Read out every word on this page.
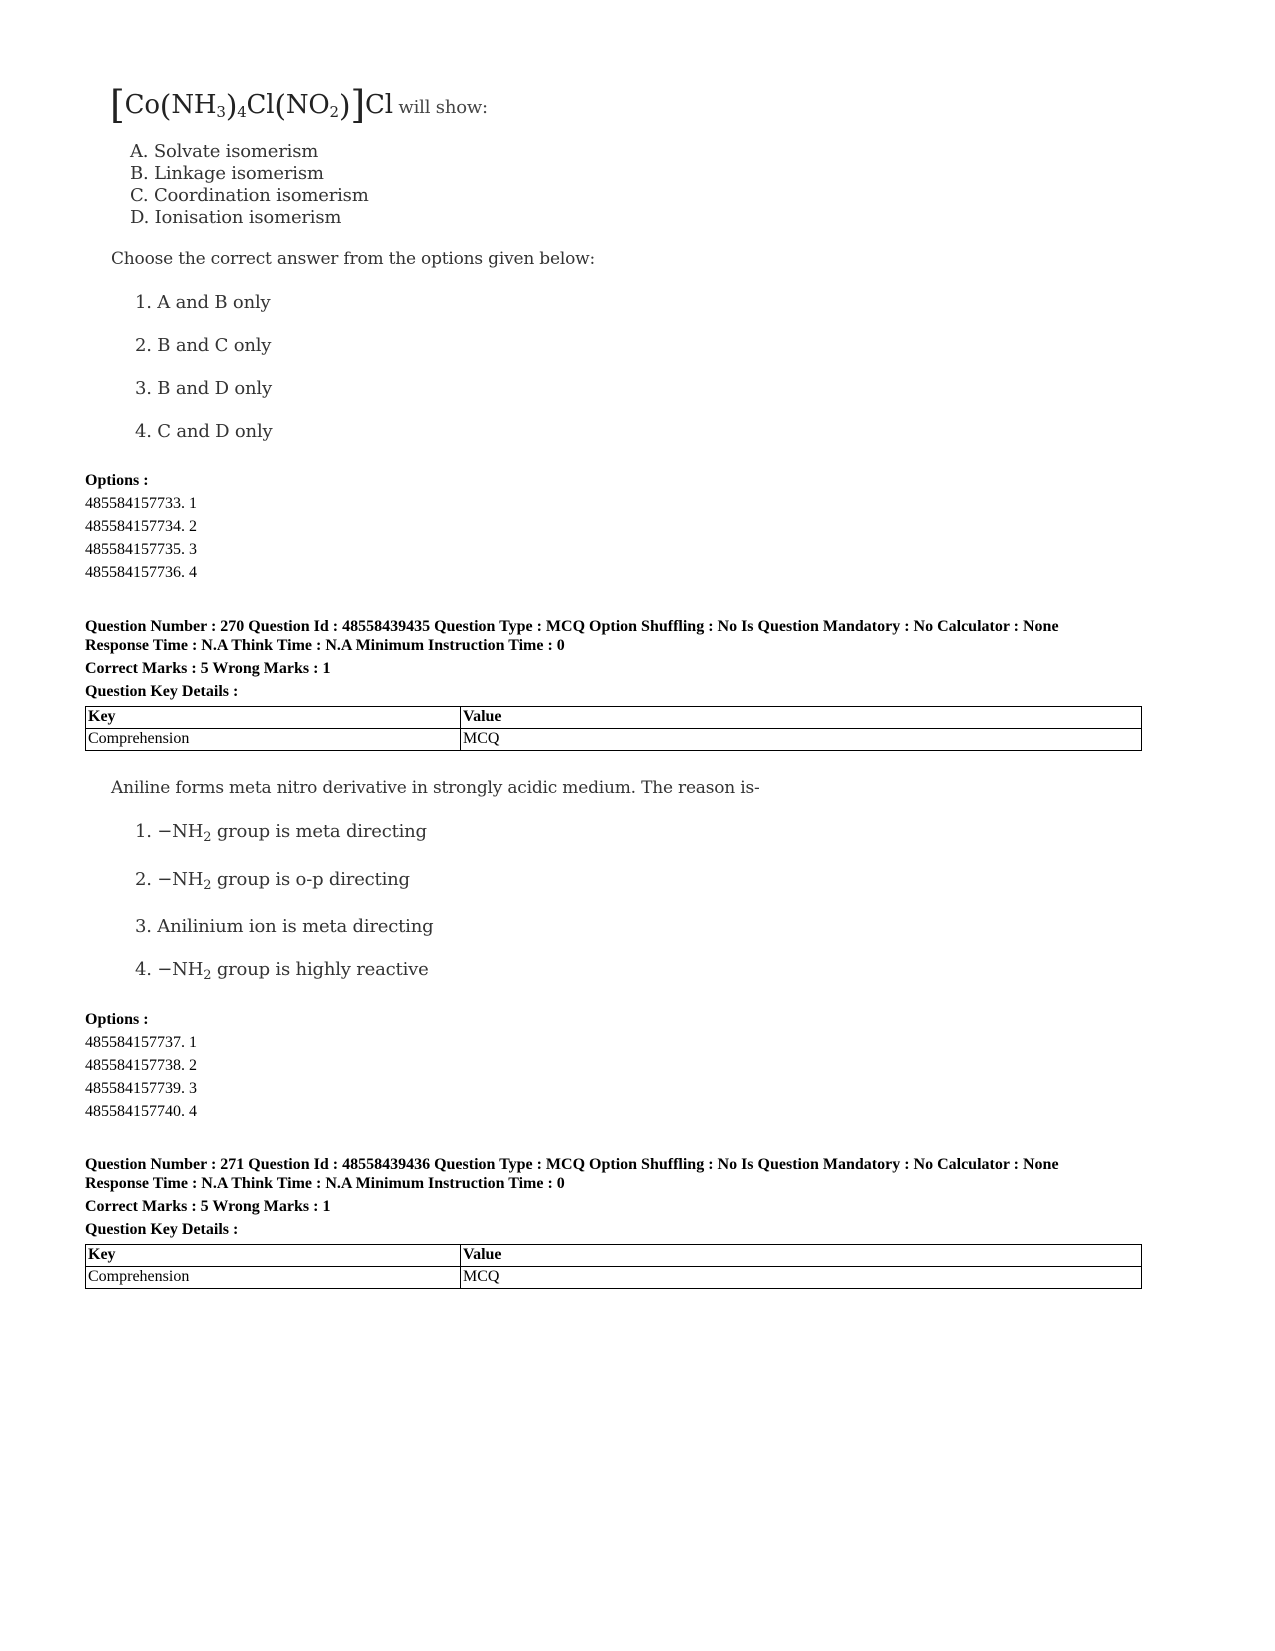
$[Co(NH_3)_4Cl(NO_2)]Cl$ will show:
A. Solvate isomerism
B. Linkage isomerism
C. Coordination isomerism
D. Ionisation isomerism
Choose the correct answer from the options given below:
1. A and B only
2. B and C only
3. B and D only
4. C and D only
Options :
485584157733. 1
485584157734. 2
485584157735. 3
485584157736. 4
Question Number : 270 Question Id : 48558439435 Question Type : MCQ Option Shuffling : No Is Question Mandatory : No Calculator : None
Response Time : N.A Think Time : N.A Minimum Instruction Time : 0
Correct Marks : 5 Wrong Marks : 1
Question Key Details :
Key	Value
Comprehension	MCQ
Aniline forms meta nitro derivative in strongly acidic medium. The reason is-
1. $-NH_2$ group is meta directing
2. $-NH_2$ group is o-p directing
3. Anilinium ion is meta directing
4. $-NH_2$ group is highly reactive
Options :
485584157737. 1
485584157738. 2
485584157739. 3
485584157740. 4
Question Number : 271 Question Id : 48558439436 Question Type : MCQ Option Shuffling : No Is Question Mandatory : No Calculator : None
Response Time : N.A Think Time : N.A Minimum Instruction Time : 0
Correct Marks : 5 Wrong Marks : 1
Question Key Details :
Key	Value
Comprehension	MCQ
